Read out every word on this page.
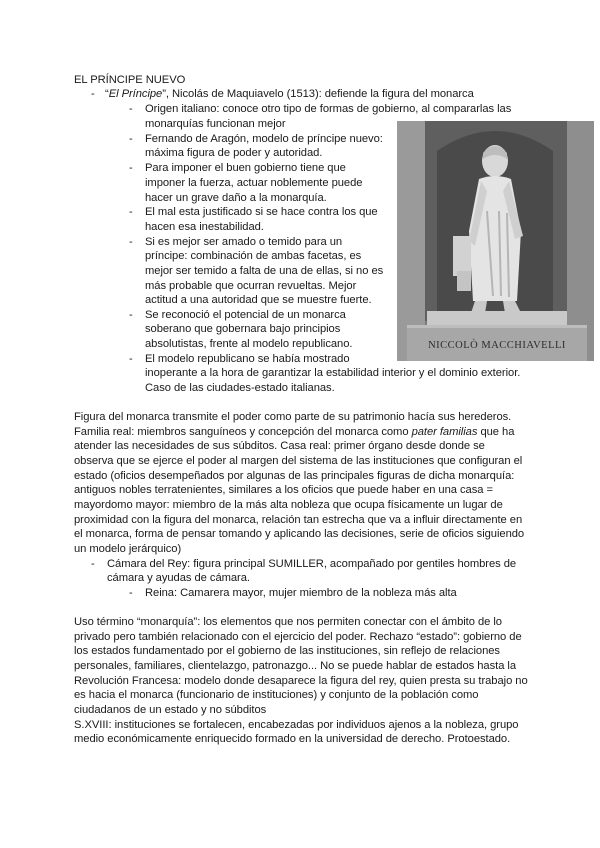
EL PRÍNCIPE NUEVO
- “El Príncipe”, Nicolás de Maquiavelo (1513): defiende la figura del monarca
- Origen italiano: conoce otro tipo de formas de gobierno, al compararlas las
monarquías funcionan mejor
- Fernando de Aragón, modelo de príncipe nuevo:
máxima figura de poder y autoridad.
- Para imponer el buen gobierno tiene que
imponer la fuerza, actuar noblemente puede
hacer un grave daño a la monarquía.
- El mal esta justificado si se hace contra los que
hacen esa inestabilidad.
- Si es mejor ser amado o temido para un
príncipe: combinación de ambas facetas, es
mejor ser temido a falta de una de ellas, si no es
más probable que ocurran revueltas. Mejor
actitud a una autoridad que se muestre fuerte.
- Se reconoció el potencial de un monarca
soberano que gobernara bajo principios
absolutistas, frente al modelo republicano.
- El modelo republicano se había mostrado
inoperante a la hora de garantizar la estabilidad interior y el dominio exterior.
Caso de las ciudades-estado italianas.
NICCOLÒ MACCHIAVELLI
Figura del monarca transmite el poder como parte de su patrimonio hacía sus herederos.
Familia real: miembros sanguíneos y concepción del monarca como pater familias que ha
atender las necesidades de sus súbditos. Casa real: primer órgano desde donde se
observa que se ejerce el poder al margen del sistema de las instituciones que configuran el
estado (oficios desempeñados por algunas de las principales figuras de dicha monarquía:
antiguos nobles terratenientes, similares a los oficios que puede haber en una casa =
mayordomo mayor: miembro de la más alta nobleza que ocupa físicamente un lugar de
proximidad con la figura del monarca, relación tan estrecha que va a influir directamente en
el monarca, forma de pensar tomando y aplicando las decisiones, serie de oficios siguiendo
un modelo jerárquico)
- Cámara del Rey: figura principal SUMILLER, acompañado por gentiles hombres de
cámara y ayudas de cámara.
- Reina: Camarera mayor, mujer miembro de la nobleza más alta
Uso término “monarquía”: los elementos que nos permiten conectar con el ámbito de lo
privado pero también relacionado con el ejercicio del poder. Rechazo “estado”: gobierno de
los estados fundamentado por el gobierno de las instituciones, sin reflejo de relaciones
personales, familiares, clientelazgo, patronazgo... No se puede hablar de estados hasta la
Revolución Francesa: modelo donde desaparece la figura del rey, quien presta su trabajo no
es hacia el monarca (funcionario de instituciones) y conjunto de la población como
ciudadanos de un estado y no súbditos
S.XVIII: instituciones se fortalecen, encabezadas por individuos ajenos a la nobleza, grupo
medio económicamente enriquecido formado en la universidad de derecho. Protoestado.
